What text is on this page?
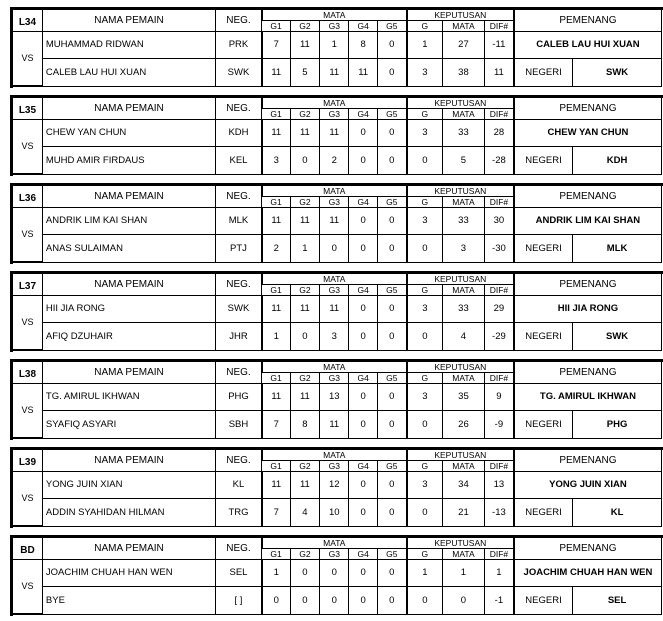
L34	NAMA PEMAIN	NEG.	MATA					KEPUTUSAN			PEMENANG	
			G1	G2	G3	G4	G5	G	MATA	DIF#		
VS	MUHAMMAD RIDWAN	PRK	7	11	1	8	0	1	27	-11	CALEB LAU HUI XUAN	
	CALEB LAU HUI XUAN	SWK	11	5	11	11	0	3	38	11	NEGERI	SWK
L35	NAMA PEMAIN	NEG.	MATA					KEPUTUSAN			PEMENANG	
			G1	G2	G3	G4	G5	G	MATA	DIF#		
VS	CHEW YAN CHUN	KDH	11	11	11	0	0	3	33	28	CHEW YAN CHUN	
	MUHD AMIR FIRDAUS	KEL	3	0	2	0	0	0	5	-28	NEGERI	KDH
L36	NAMA PEMAIN	NEG.	MATA					KEPUTUSAN			PEMENANG	
			G1	G2	G3	G4	G5	G	MATA	DIF#		
VS	ANDRIK LIM KAI SHAN	MLK	11	11	11	0	0	3	33	30	ANDRIK LIM KAI SHAN	
	ANAS SULAIMAN	PTJ	2	1	0	0	0	0	3	-30	NEGERI	MLK
L37	NAMA PEMAIN	NEG.	MATA					KEPUTUSAN			PEMENANG	
			G1	G2	G3	G4	G5	G	MATA	DIF#		
VS	HII JIA RONG	SWK	11	11	11	0	0	3	33	29	HII JIA RONG	
	AFIQ DZUHAIR	JHR	1	0	3	0	0	0	4	-29	NEGERI	SWK
L38	NAMA PEMAIN	NEG.	MATA					KEPUTUSAN			PEMENANG	
			G1	G2	G3	G4	G5	G	MATA	DIF#		
VS	TG. AMIRUL IKHWAN	PHG	11	11	13	0	0	3	35	9	TG. AMIRUL IKHWAN	
	SYAFIQ ASYARI	SBH	7	8	11	0	0	0	26	-9	NEGERI	PHG
L39	NAMA PEMAIN	NEG.	MATA					KEPUTUSAN			PEMENANG	
			G1	G2	G3	G4	G5	G	MATA	DIF#		
VS	YONG JUIN XIAN	KL	11	11	12	0	0	3	34	13	YONG JUIN XIAN	
	ADDIN SYAHIDAN HILMAN	TRG	7	4	10	0	0	0	21	-13	NEGERI	KL
BD	NAMA PEMAIN	NEG.	MATA					KEPUTUSAN			PEMENANG	
			G1	G2	G3	G4	G5	G	MATA	DIF#		
VS	JOACHIM CHUAH HAN WEN	SEL	1	0	0	0	0	1	1	1	JOACHIM CHUAH HAN WEN	
	BYE	[ ]	0	0	0	0	0	0	0	-1	NEGERI	SEL
